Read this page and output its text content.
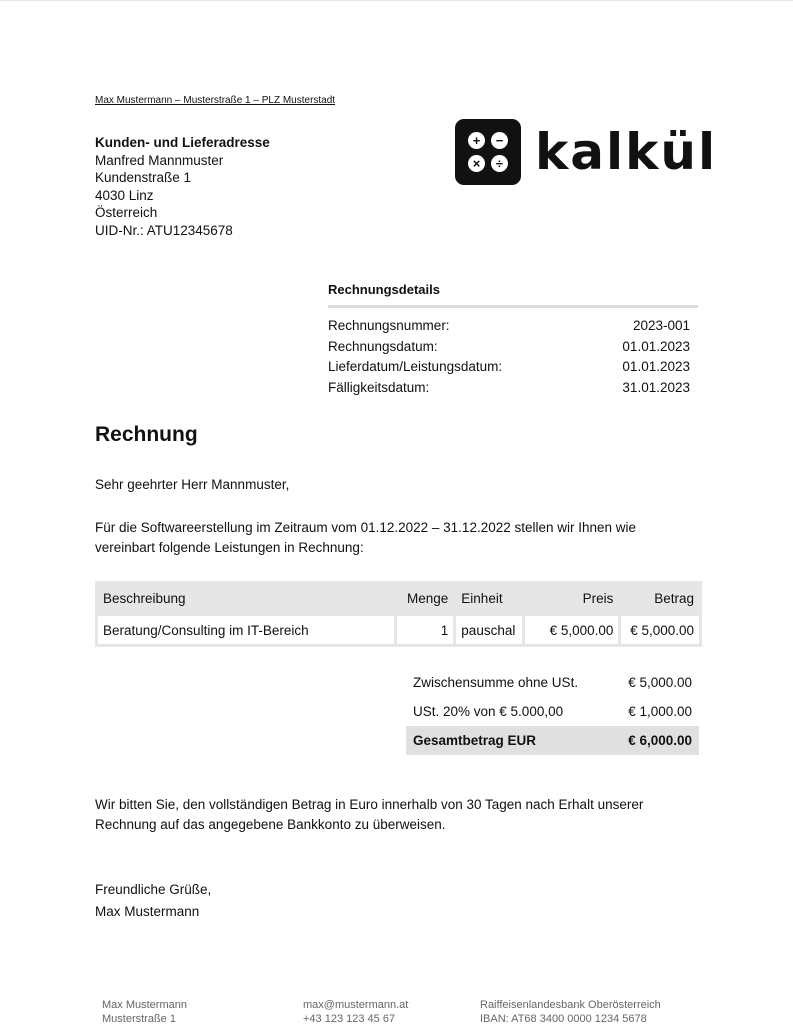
Max Mustermann – Musterstraße 1 – PLZ Musterstadt
Kunden- und Lieferadresse
Manfred Mannmuster
Kundenstraße 1
4030 Linz
Österreich
UID-Nr.: ATU12345678
+	−
×	÷ kalkül
Rechnungsdetails
Rechnungsnummer:	2023-001
Rechnungsdatum:	01.01.2023
Lieferdatum/Leistungsdatum:	01.01.2023
Fälligkeitsdatum:	31.01.2023
Rechnung
Sehr geehrter Herr Mannmuster,
Für die Softwareerstellung im Zeitraum vom 01.12.2022 – 31.12.2022 stellen wir Ihnen wie
vereinbart folgende Leistungen in Rechnung:
Beschreibung	Menge	Einheit	Preis	Betrag
Beratung/Consulting im IT-Bereich	1	pauschal	€ 5,000.00	€ 5,000.00
Zwischensumme ohne USt.	€ 5,000.00
USt. 20% von € 5.000,00	€ 1,000.00
Gesamtbetrag EUR	€ 6,000.00
Wir bitten Sie, den vollständigen Betrag in Euro innerhalb von 30 Tagen nach Erhalt unserer
Rechnung auf das angegebene Bankkonto zu überweisen.
Freundliche Grüße,
Max Mustermann
Max Mustermann
Musterstraße 1
max@mustermann.at
+43 123 123 45 67
Raiffeisenlandesbank Oberösterreich
IBAN: AT68 3400 0000 1234 5678
